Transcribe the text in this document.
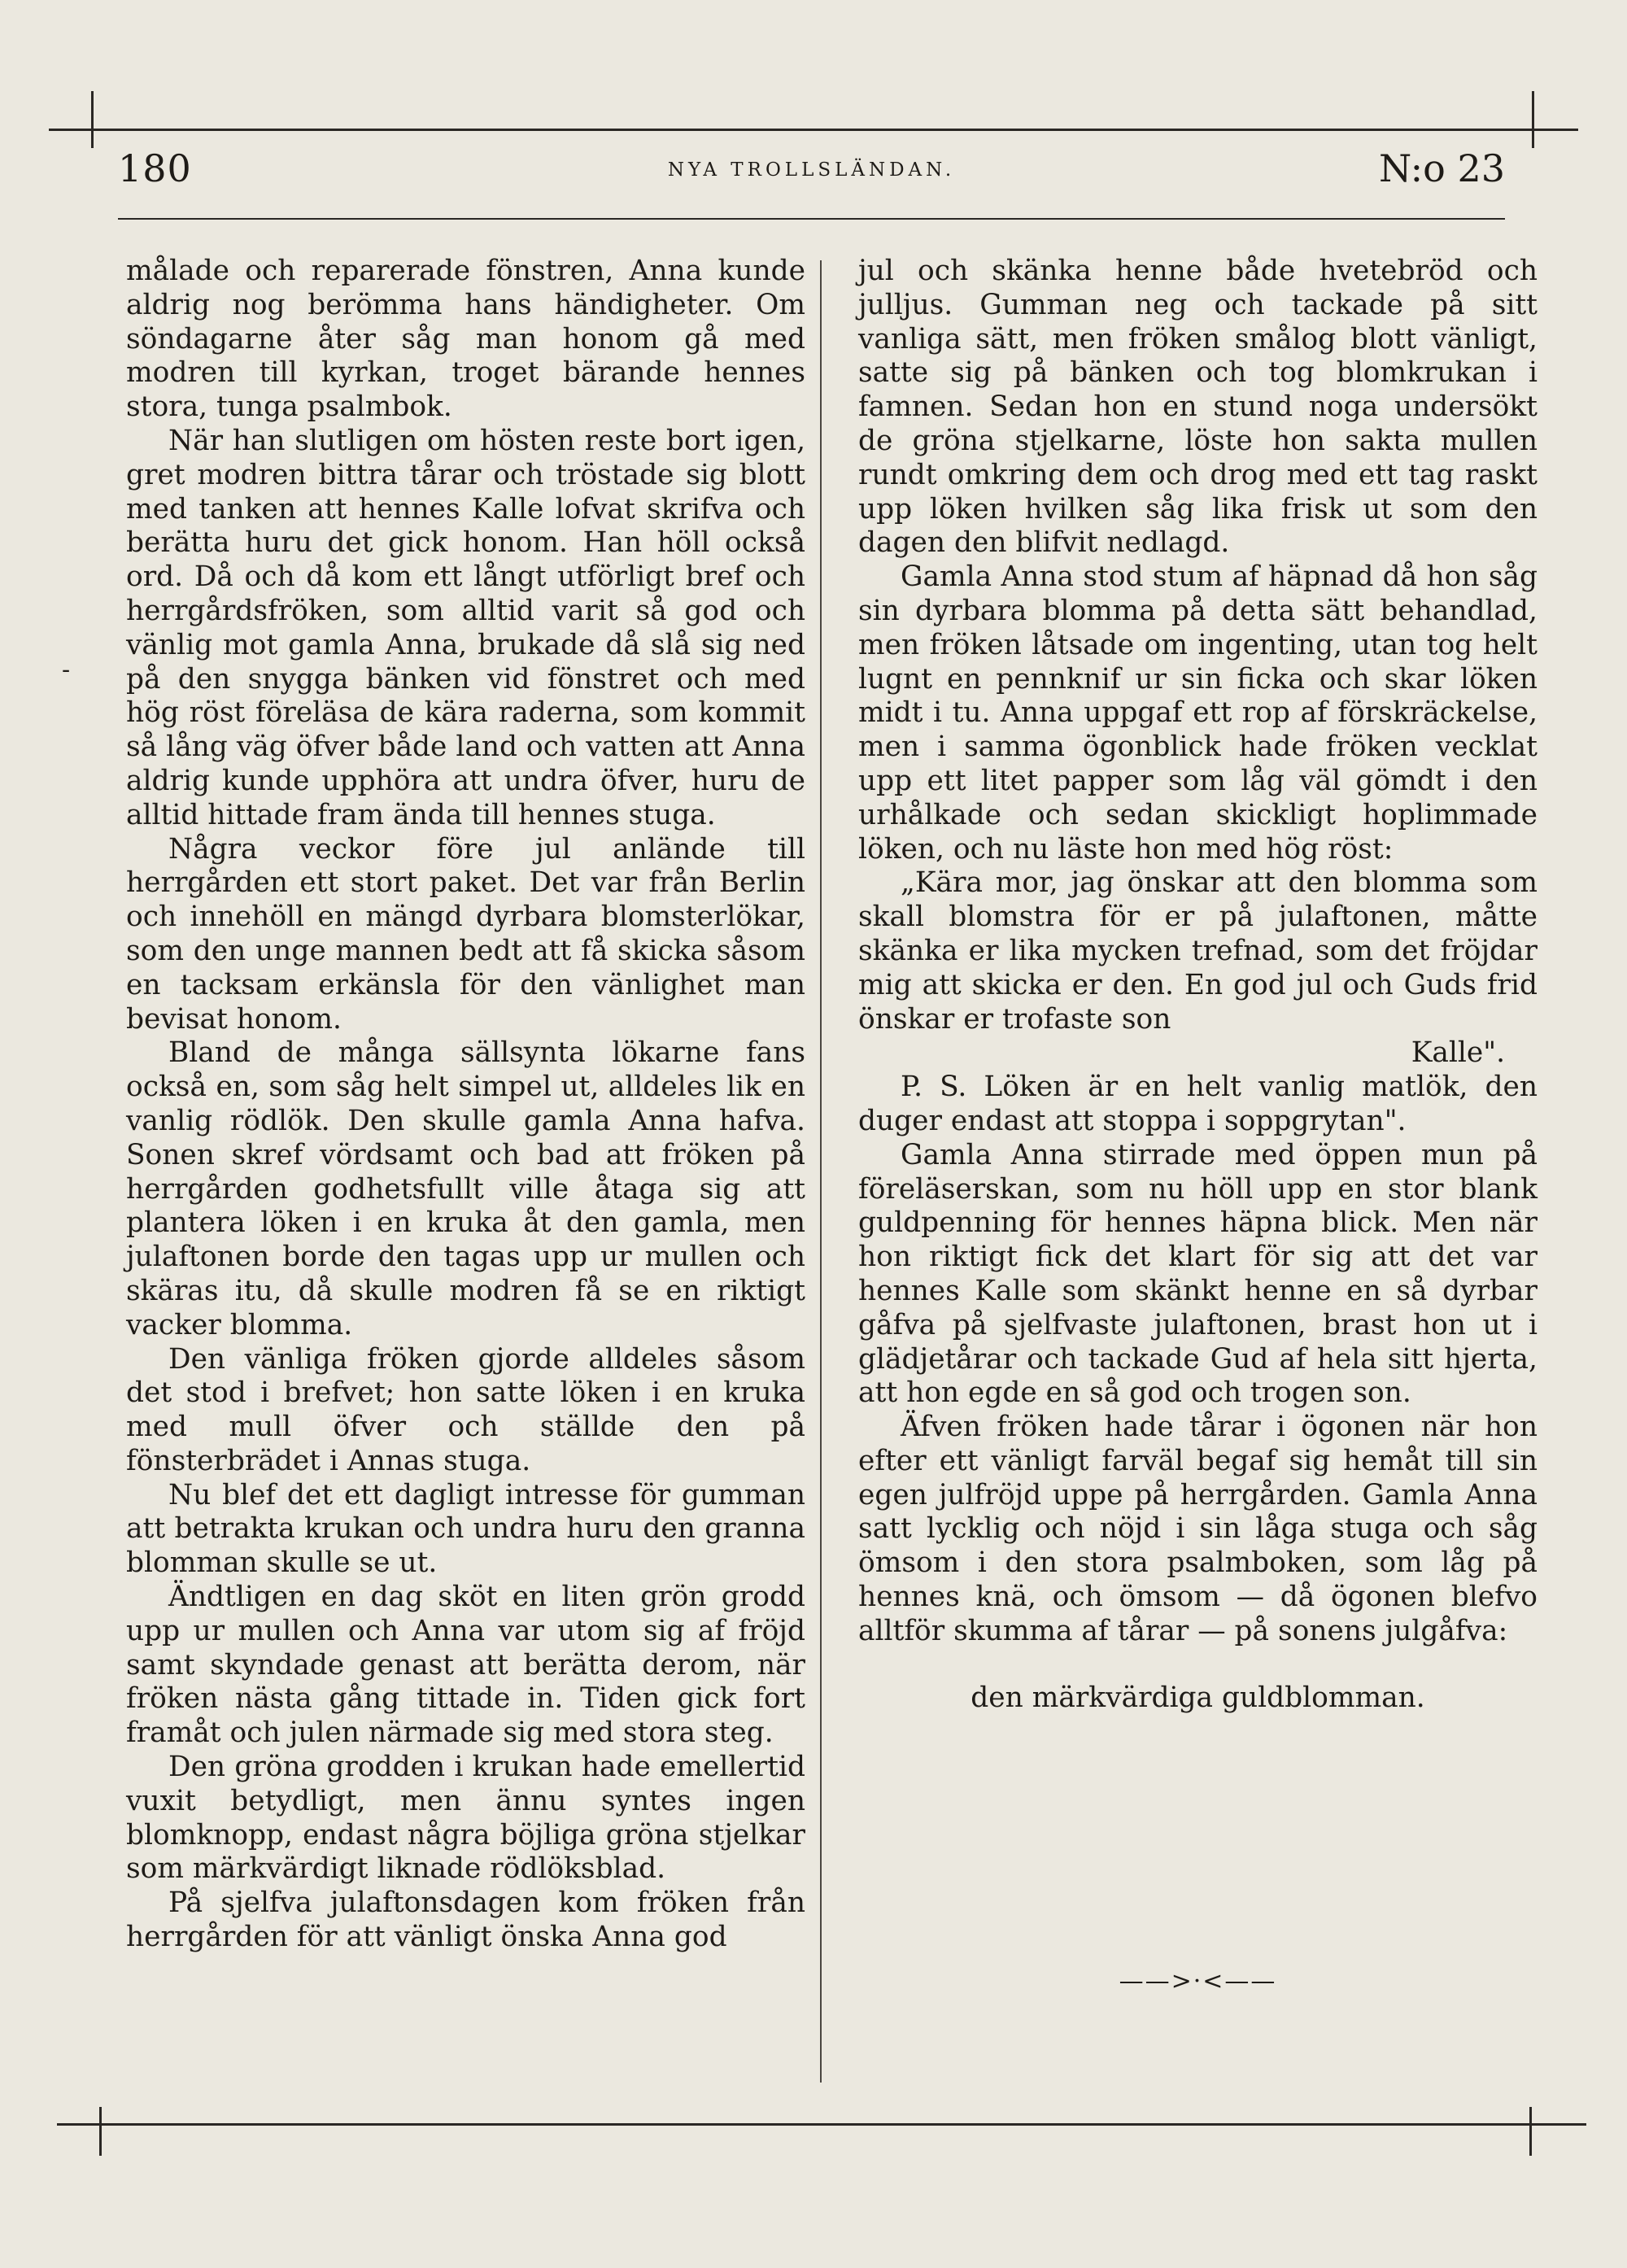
180	NYA TROLLSLÄNDAN.	N:o 23

målade och reparerade fönstren, Anna kunde aldrig nog berömma hans händigheter. Om söndagarne åter såg man honom gå med modren till kyrkan, troget bärande hennes stora, tunga psalmbok.

När han slutligen om hösten reste bort igen, gret modren bittra tårar och tröstade sig blott med tanken att hennes Kalle lofvat skrifva och berätta huru det gick honom. Han höll också ord. Då och då kom ett långt utförligt bref och herrgårdsfröken, som alltid varit så god och vänlig mot gamla Anna, brukade då slå sig ned på den snygga bänken vid fönstret och med hög röst föreläsa de kära raderna, som kommit så lång väg öfver både land och vatten att Anna aldrig kunde upphöra att undra öfver, huru de alltid hittade fram ända till hennes stuga.

Några veckor före jul anlände till herrgården ett stort paket. Det var från Berlin och innehöll en mängd dyrbara blomsterlökar, som den unge mannen bedt att få skicka såsom en tacksam erkänsla för den vänlighet man bevisat honom.

Bland de många sällsynta lökarne fans också en, som såg helt simpel ut, alldeles lik en vanlig rödlök. Den skulle gamla Anna hafva. Sonen skref vördsamt och bad att fröken på herrgården godhetsfullt ville åtaga sig att plantera löken i en kruka åt den gamla, men julaftonen borde den tagas upp ur mullen och skäras itu, då skulle modren få se en riktigt vacker blomma.

Den vänliga fröken gjorde alldeles såsom det stod i brefvet; hon satte löken i en kruka med mull öfver och ställde den på fönsterbrädet i Annas stuga.

Nu blef det ett dagligt intresse för gumman att betrakta krukan och undra huru den granna blomman skulle se ut.

Ändtligen en dag sköt en liten grön grodd upp ur mullen och Anna var utom sig af fröjd samt skyndade genast att berätta derom, när fröken nästa gång tittade in. Tiden gick fort framåt och julen närmade sig med stora steg.

Den gröna grodden i krukan hade emellertid vuxit betydligt, men ännu syntes ingen blomknopp, endast några böjliga gröna stjelkar som märkvärdigt liknade rödlöksblad.

På sjelfva julaftonsdagen kom fröken från herrgården för att vänligt önska Anna god

jul och skänka henne både hvetebröd och julljus. Gumman neg och tackade på sitt vanliga sätt, men fröken smålog blott vänligt, satte sig på bänken och tog blomkrukan i famnen. Sedan hon en stund noga undersökt de gröna stjelkarne, löste hon sakta mullen rundt omkring dem och drog med ett tag raskt upp löken hvilken såg lika frisk ut som den dagen den blifvit nedlagd.

Gamla Anna stod stum af häpnad då hon såg sin dyrbara blomma på detta sätt behandlad, men fröken låtsade om ingenting, utan tog helt lugnt en pennknif ur sin ficka och skar löken midt i tu. Anna uppgaf ett rop af förskräckelse, men i samma ögonblick hade fröken vecklat upp ett litet papper som låg väl gömdt i den urhålkade och sedan skickligt hoplimmade löken, och nu läste hon med hög röst:

„Kära mor, jag önskar att den blomma som skall blomstra för er på julaftonen, måtte skänka er lika mycken trefnad, som det fröjdar mig att skicka er den. En god jul och Guds frid önskar er trofaste son

Kalle".

P. S. Löken är en helt vanlig matlök, den duger endast att stoppa i soppgrytan".

Gamla Anna stirrade med öppen mun på föreläserskan, som nu höll upp en stor blank guldpenning för hennes häpna blick. Men när hon riktigt fick det klart för sig att det var hennes Kalle som skänkt henne en så dyrbar gåfva på sjelfvaste julaftonen, brast hon ut i glädjetårar och tackade Gud af hela sitt hjerta, att hon egde en så god och trogen son.

Äfven fröken hade tårar i ögonen när hon efter ett vänligt farväl begaf sig hemåt till sin egen julfröjd uppe på herrgården. Gamla Anna satt lycklig och nöjd i sin låga stuga och såg ömsom i den stora psalmboken, som låg på hennes knä, och ömsom — då ögonen blefvo alltför skumma af tårar — på sonens julgåfva:

den märkvärdiga guldblomman.

——>·<——
-
